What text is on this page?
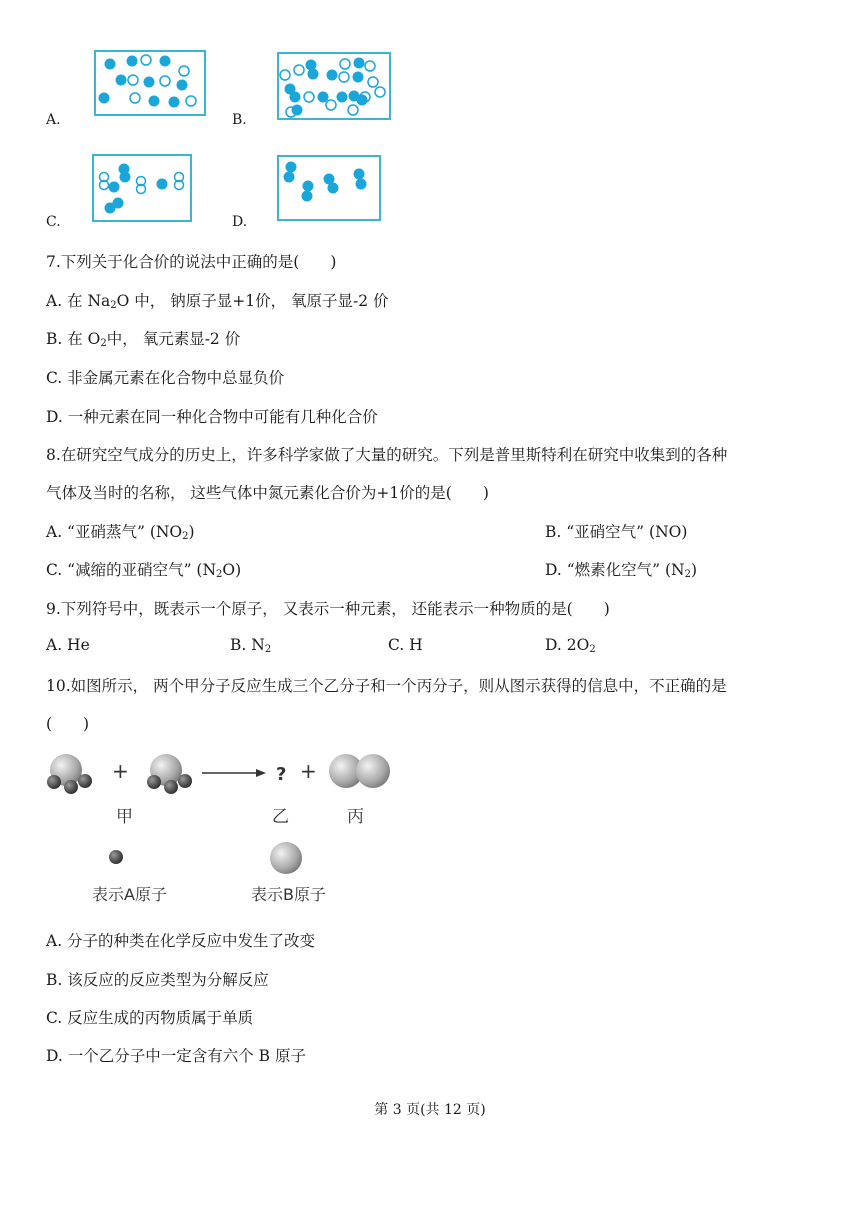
A.	B.
C.	D.
7.下列关于化合价的说法中正确的是(　　)
A. 在 $Na_2O$ 中， 钠原子显+1价， 氧原子显-2 价
B. 在 $O_2$中， 氧元素显-2 价
C. 非金属元素在化合物中总显负价
D. 一种元素在同一种化合物中可能有几种化合价
8.在研究空气成分的历史上，许多科学家做了大量的研究。下列是普里斯特利在研究中收集到的各种
气体及当时的名称， 这些气体中氮元素化合价为+1价的是(　　)
A. “亚硝蒸气” $(NO_2)$	B. “亚硝空气” (NO)
C. “减缩的亚硝空气” $(N_2O)$	D. “燃素化空气” $(N_2)$
9.下列符号中，既表示一个原子， 又表示一种元素， 还能表示一种物质的是(　　)
A. He	B. $N_2$	C. H	D. $2O_2$
10.如图所示， 两个甲分子反应生成三个乙分子和一个丙分子，则从图示获得的信息中，不正确的是
(　　)
+	? +
甲	乙	丙
表示A原子	表示B原子
A. 分子的种类在化学反应中发生了改变
B. 该反应的反应类型为分解反应
C. 反应生成的丙物质属于单质
D. 一个乙分子中一定含有六个 B 原子
第 3 页(共 12 页)
